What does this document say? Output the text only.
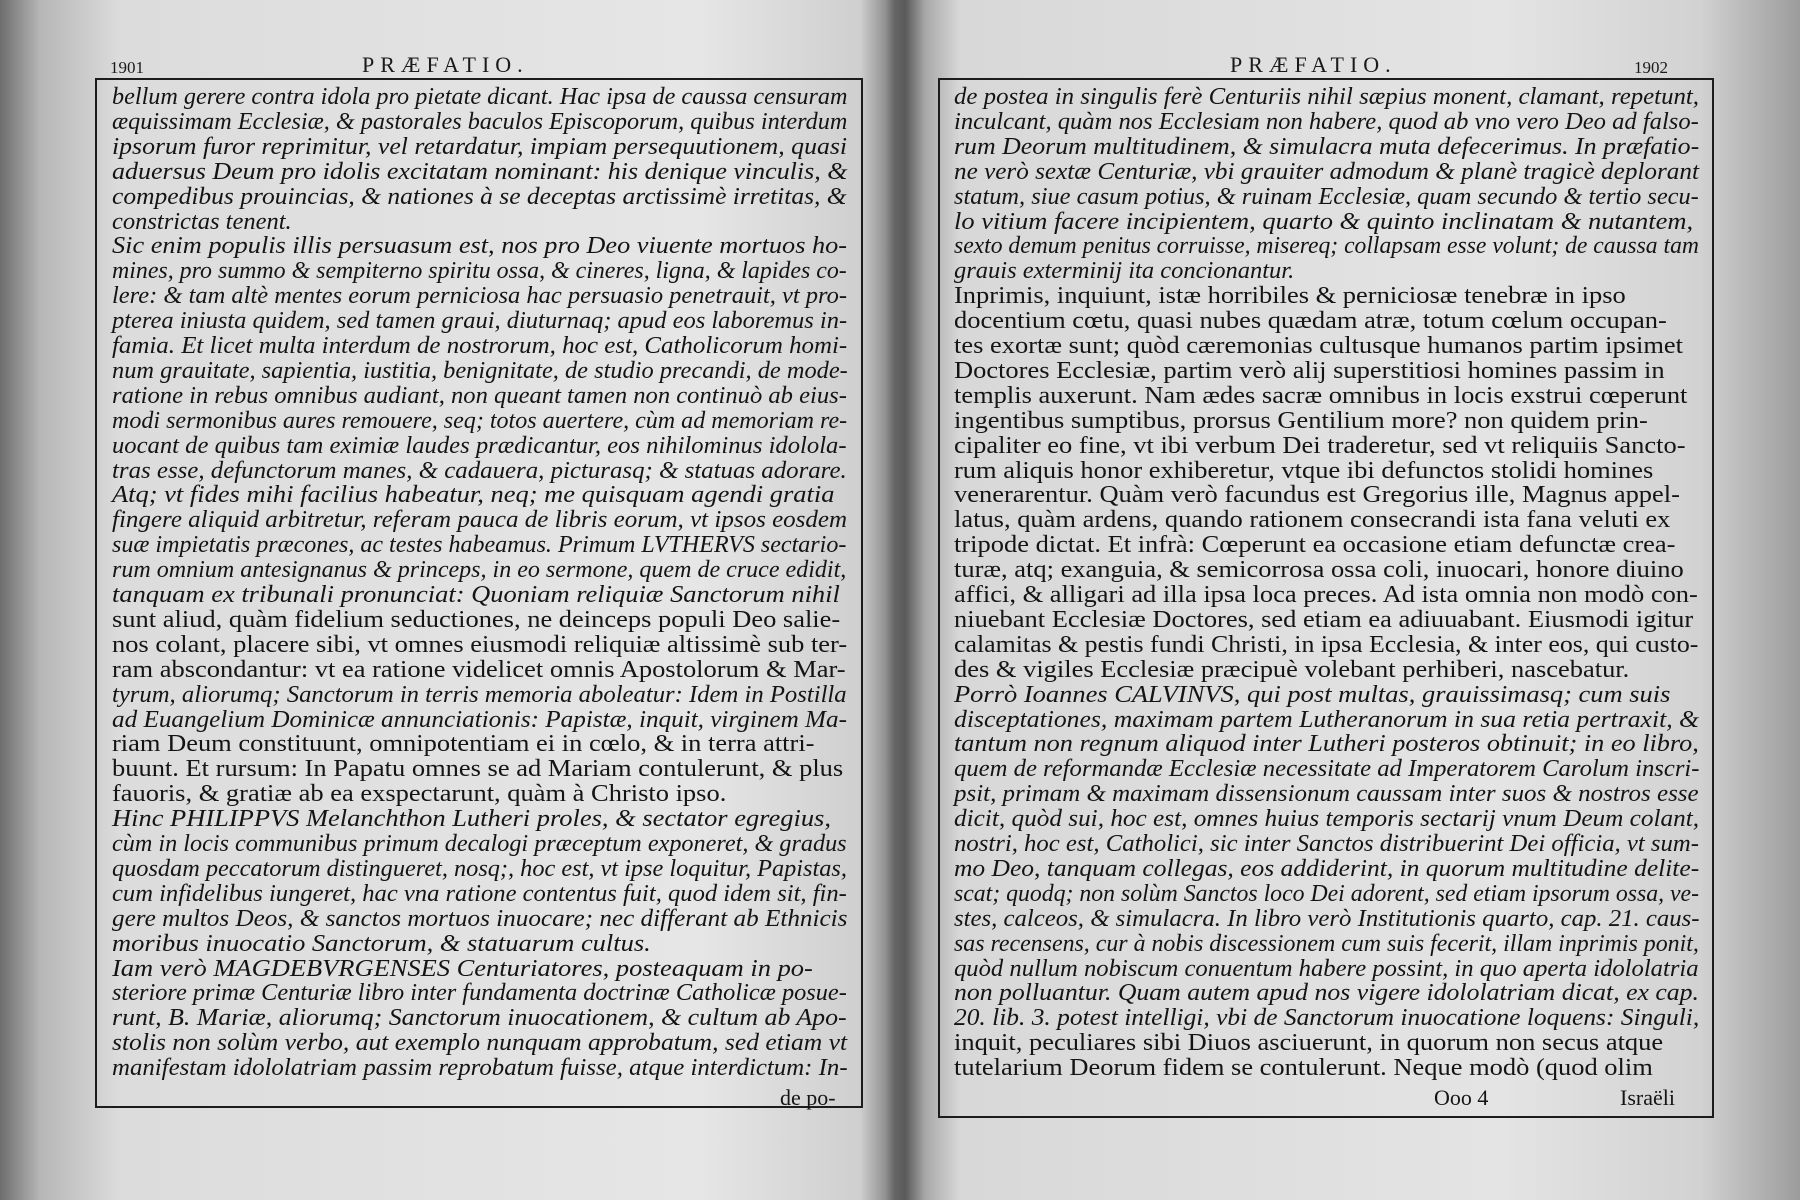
1901	PRÆFATIO.
bellum gerere contra idola pro pietate dicant. Hac ipsa de caussa censuram
æquissimam Ecclesiæ, & pastorales baculos Episcoporum, quibus interdum
ipsorum furor reprimitur, vel retardatur, impiam persequutionem, quasi
aduersus Deum pro idolis excitatam nominant: his denique vinculis, &
compedibus prouincias, & nationes à se deceptas arctissimè irretitas, &
constrictas tenent.
Sic enim populis illis persuasum est, nos pro Deo viuente mortuos ho-
mines, pro summo & sempiterno spiritu ossa, & cineres, ligna, & lapides co-
lere: & tam altè mentes eorum perniciosa hac persuasio penetrauit, vt pro-
pterea iniusta quidem, sed tamen graui, diuturnaq; apud eos laboremus in-
famia. Et licet multa interdum de nostrorum, hoc est, Catholicorum homi-
num grauitate, sapientia, iustitia, benignitate, de studio precandi, de mode-
ratione in rebus omnibus audiant, non queant tamen non continuò ab eius-
modi sermonibus aures remouere, seq; totos auertere, cùm ad memoriam re-
uocant de quibus tam eximiæ laudes prædicantur, eos nihilominus idolola-
tras esse, defunctorum manes, & cadauera, picturasq; & statuas adorare.
Atq; vt fides mihi facilius habeatur, neq; me quisquam agendi gratia
fingere aliquid arbitretur, referam pauca de libris eorum, vt ipsos eosdem
suæ impietatis præcones, ac testes habeamus. Primum LVTHERVS sectario-
rum omnium antesignanus & princeps, in eo sermone, quem de cruce edidit,
tanquam ex tribunali pronunciat: Quoniam reliquiæ Sanctorum nihil
sunt aliud, quàm fidelium seductiones, ne deinceps populi Deo salie-
nos colant, placere sibi, vt omnes eiusmodi reliquiæ altissimè sub ter-
ram abscondantur: vt ea ratione videlicet omnis Apostolorum & Mar-
tyrum, aliorumq; Sanctorum in terris memoria aboleatur: Idem in Postilla
ad Euangelium Dominicæ annunciationis: Papistæ, inquit, virginem Ma-
riam Deum constituunt, omnipotentiam ei in cœlo, & in terra attri-
buunt. Et rursum: In Papatu omnes se ad Mariam contulerunt, & plus
fauoris, & gratiæ ab ea exspectarunt, quàm à Christo ipso.
Hinc PHILIPPVS Melanchthon Lutheri proles, & sectator egregius,
cùm in locis communibus primum decalogi præceptum exponeret, & gradus
quosdam peccatorum distingueret, nosq;, hoc est, vt ipse loquitur, Papistas,
cum infidelibus iungeret, hac vna ratione contentus fuit, quod idem sit, fin-
gere multos Deos, & sanctos mortuos inuocare; nec differant ab Ethnicis
moribus inuocatio Sanctorum, & statuarum cultus.
Iam verò MAGDEBVRGENSES Centuriatores, posteaquam in po-
steriore primæ Centuriæ libro inter fundamenta doctrinæ Catholicæ posue-
runt, B. Mariæ, aliorumq; Sanctorum inuocationem, & cultum ab Apo-
stolis non solùm verbo, aut exemplo nunquam approbatum, sed etiam vt
manifestam idololatriam passim reprobatum fuisse, atque interdictum: In-
de po-
PRÆFATIO.	1902
de postea in singulis ferè Centuriis nihil sæpius monent, clamant, repetunt,
inculcant, quàm nos Ecclesiam non habere, quod ab vno vero Deo ad falso-
rum Deorum multitudinem, & simulacra muta defecerimus. In præfatio-
ne verò sextæ Centuriæ, vbi grauiter admodum & planè tragicè deplorant
statum, siue casum potius, & ruinam Ecclesiæ, quam secundo & tertio secu-
lo vitium facere incipientem, quarto & quinto inclinatam & nutantem,
sexto demum penitus corruisse, misereq; collapsam esse volunt; de caussa tam
grauis exterminij ita concionantur.
Inprimis, inquiunt, istæ horribiles & perniciosæ tenebræ in ipso
docentium cœtu, quasi nubes quædam atræ, totum cœlum occupan-
tes exortæ sunt; quòd cæremonias cultusque humanos partim ipsimet
Doctores Ecclesiæ, partim verò alij superstitiosi homines passim in
templis auxerunt. Nam ædes sacræ omnibus in locis exstrui cœperunt
ingentibus sumptibus, prorsus Gentilium more? non quidem prin-
cipaliter eo fine, vt ibi verbum Dei traderetur, sed vt reliquiis Sancto-
rum aliquis honor exhiberetur, vtque ibi defunctos stolidi homines
venerarentur. Quàm verò facundus est Gregorius ille, Magnus appel-
latus, quàm ardens, quando rationem consecrandi ista fana veluti ex
tripode dictat. Et infrà: Cœperunt ea occasione etiam defunctæ crea-
turæ, atq; exanguia, & semicorrosa ossa coli, inuocari, honore diuino
affici, & alligari ad illa ipsa loca preces. Ad ista omnia non modò con-
niuebant Ecclesiæ Doctores, sed etiam ea adiuuabant. Eiusmodi igitur
calamitas & pestis fundi Christi, in ipsa Ecclesia, & inter eos, qui custo-
des & vigiles Ecclesiæ præcipuè volebant perhiberi, nascebatur.
Porrò Ioannes CALVINVS, qui post multas, grauissimasq; cum suis
disceptationes, maximam partem Lutheranorum in sua retia pertraxit, &
tantum non regnum aliquod inter Lutheri posteros obtinuit; in eo libro,
quem de reformandæ Ecclesiæ necessitate ad Imperatorem Carolum inscri-
psit, primam & maximam dissensionum caussam inter suos & nostros esse
dicit, quòd sui, hoc est, omnes huius temporis sectarij vnum Deum colant,
nostri, hoc est, Catholici, sic inter Sanctos distribuerint Dei officia, vt sum-
mo Deo, tanquam collegas, eos addiderint, in quorum multitudine delite-
scat; quodq; non solùm Sanctos loco Dei adorent, sed etiam ipsorum ossa, ve-
stes, calceos, & simulacra. In libro verò Institutionis quarto, cap. 21. caus-
sas recensens, cur à nobis discessionem cum suis fecerit, illam inprimis ponit,
quòd nullum nobiscum conuentum habere possint, in quo aperta idololatria
non polluantur. Quam autem apud nos vigere idololatriam dicat, ex cap.
20. lib. 3. potest intelligi, vbi de Sanctorum inuocatione loquens: Singuli,
inquit, peculiares sibi Diuos asciuerunt, in quorum non secus atque
tutelarium Deorum fidem se contulerunt. Neque modò (quod olim
Ooo 4	Israëli
